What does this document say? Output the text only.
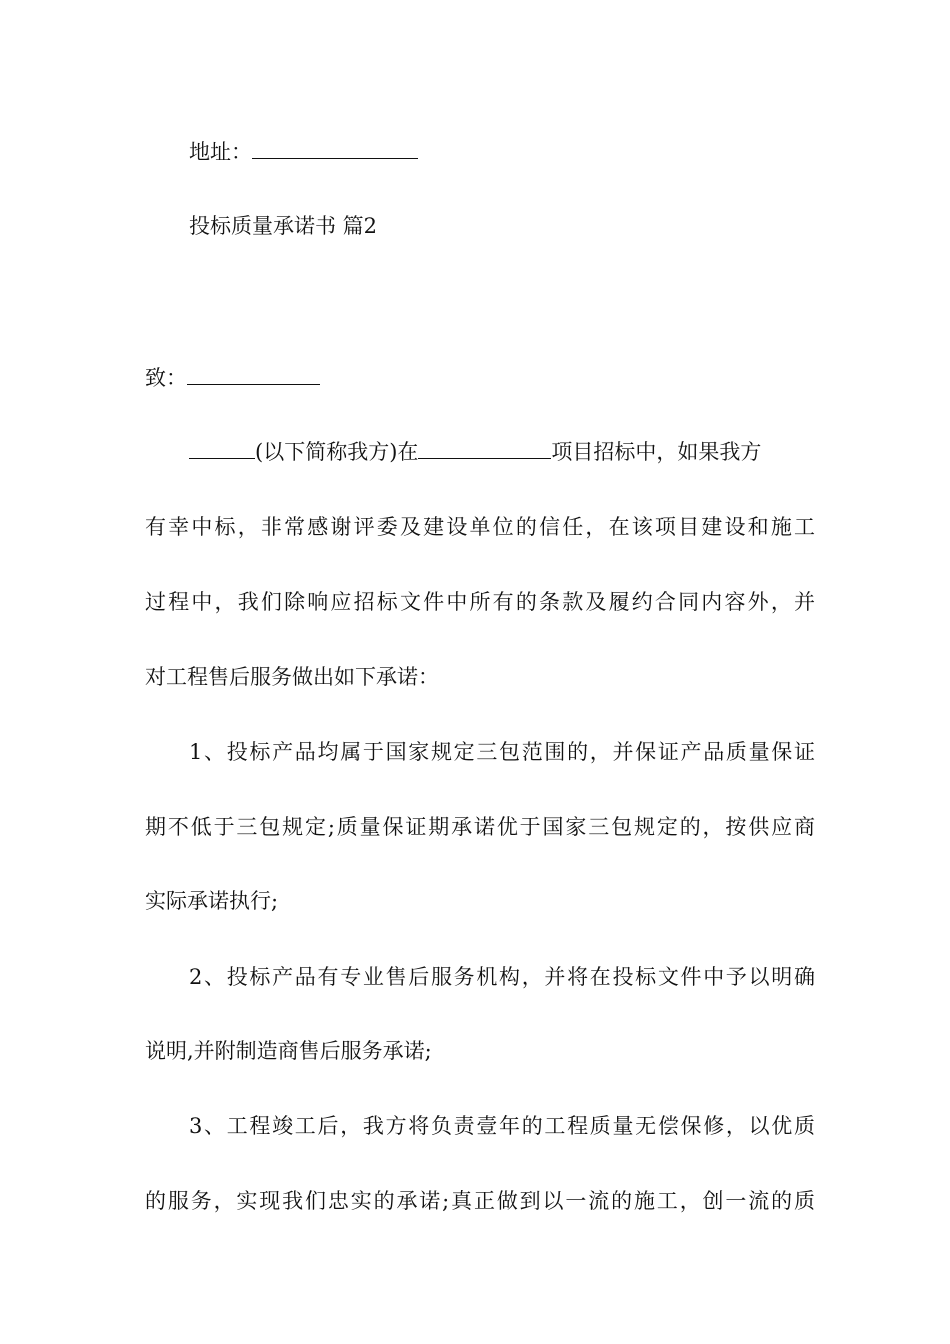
地址：
投标质量承诺书 篇2
致：
(以下简称我方)在	项目招标中，如果我方
有幸中标，非常感谢评委及建设单位的信任，在该项目建设和施工
过程中，我们除响应招标文件中所有的条款及履约合同内容外，并
对工程售后服务做出如下承诺：
1、投标产品均属于国家规定三包范围的，并保证产品质量保证
期不低于三包规定;质量保证期承诺优于国家三包规定的，按供应商
实际承诺执行;
2、投标产品有专业售后服务机构，并将在投标文件中予以明确
说明,并附制造商售后服务承诺;
3、工程竣工后，我方将负责壹年的工程质量无偿保修，以优质
的服务，实现我们忠实的承诺;真正做到以一流的施工，创一流的质
